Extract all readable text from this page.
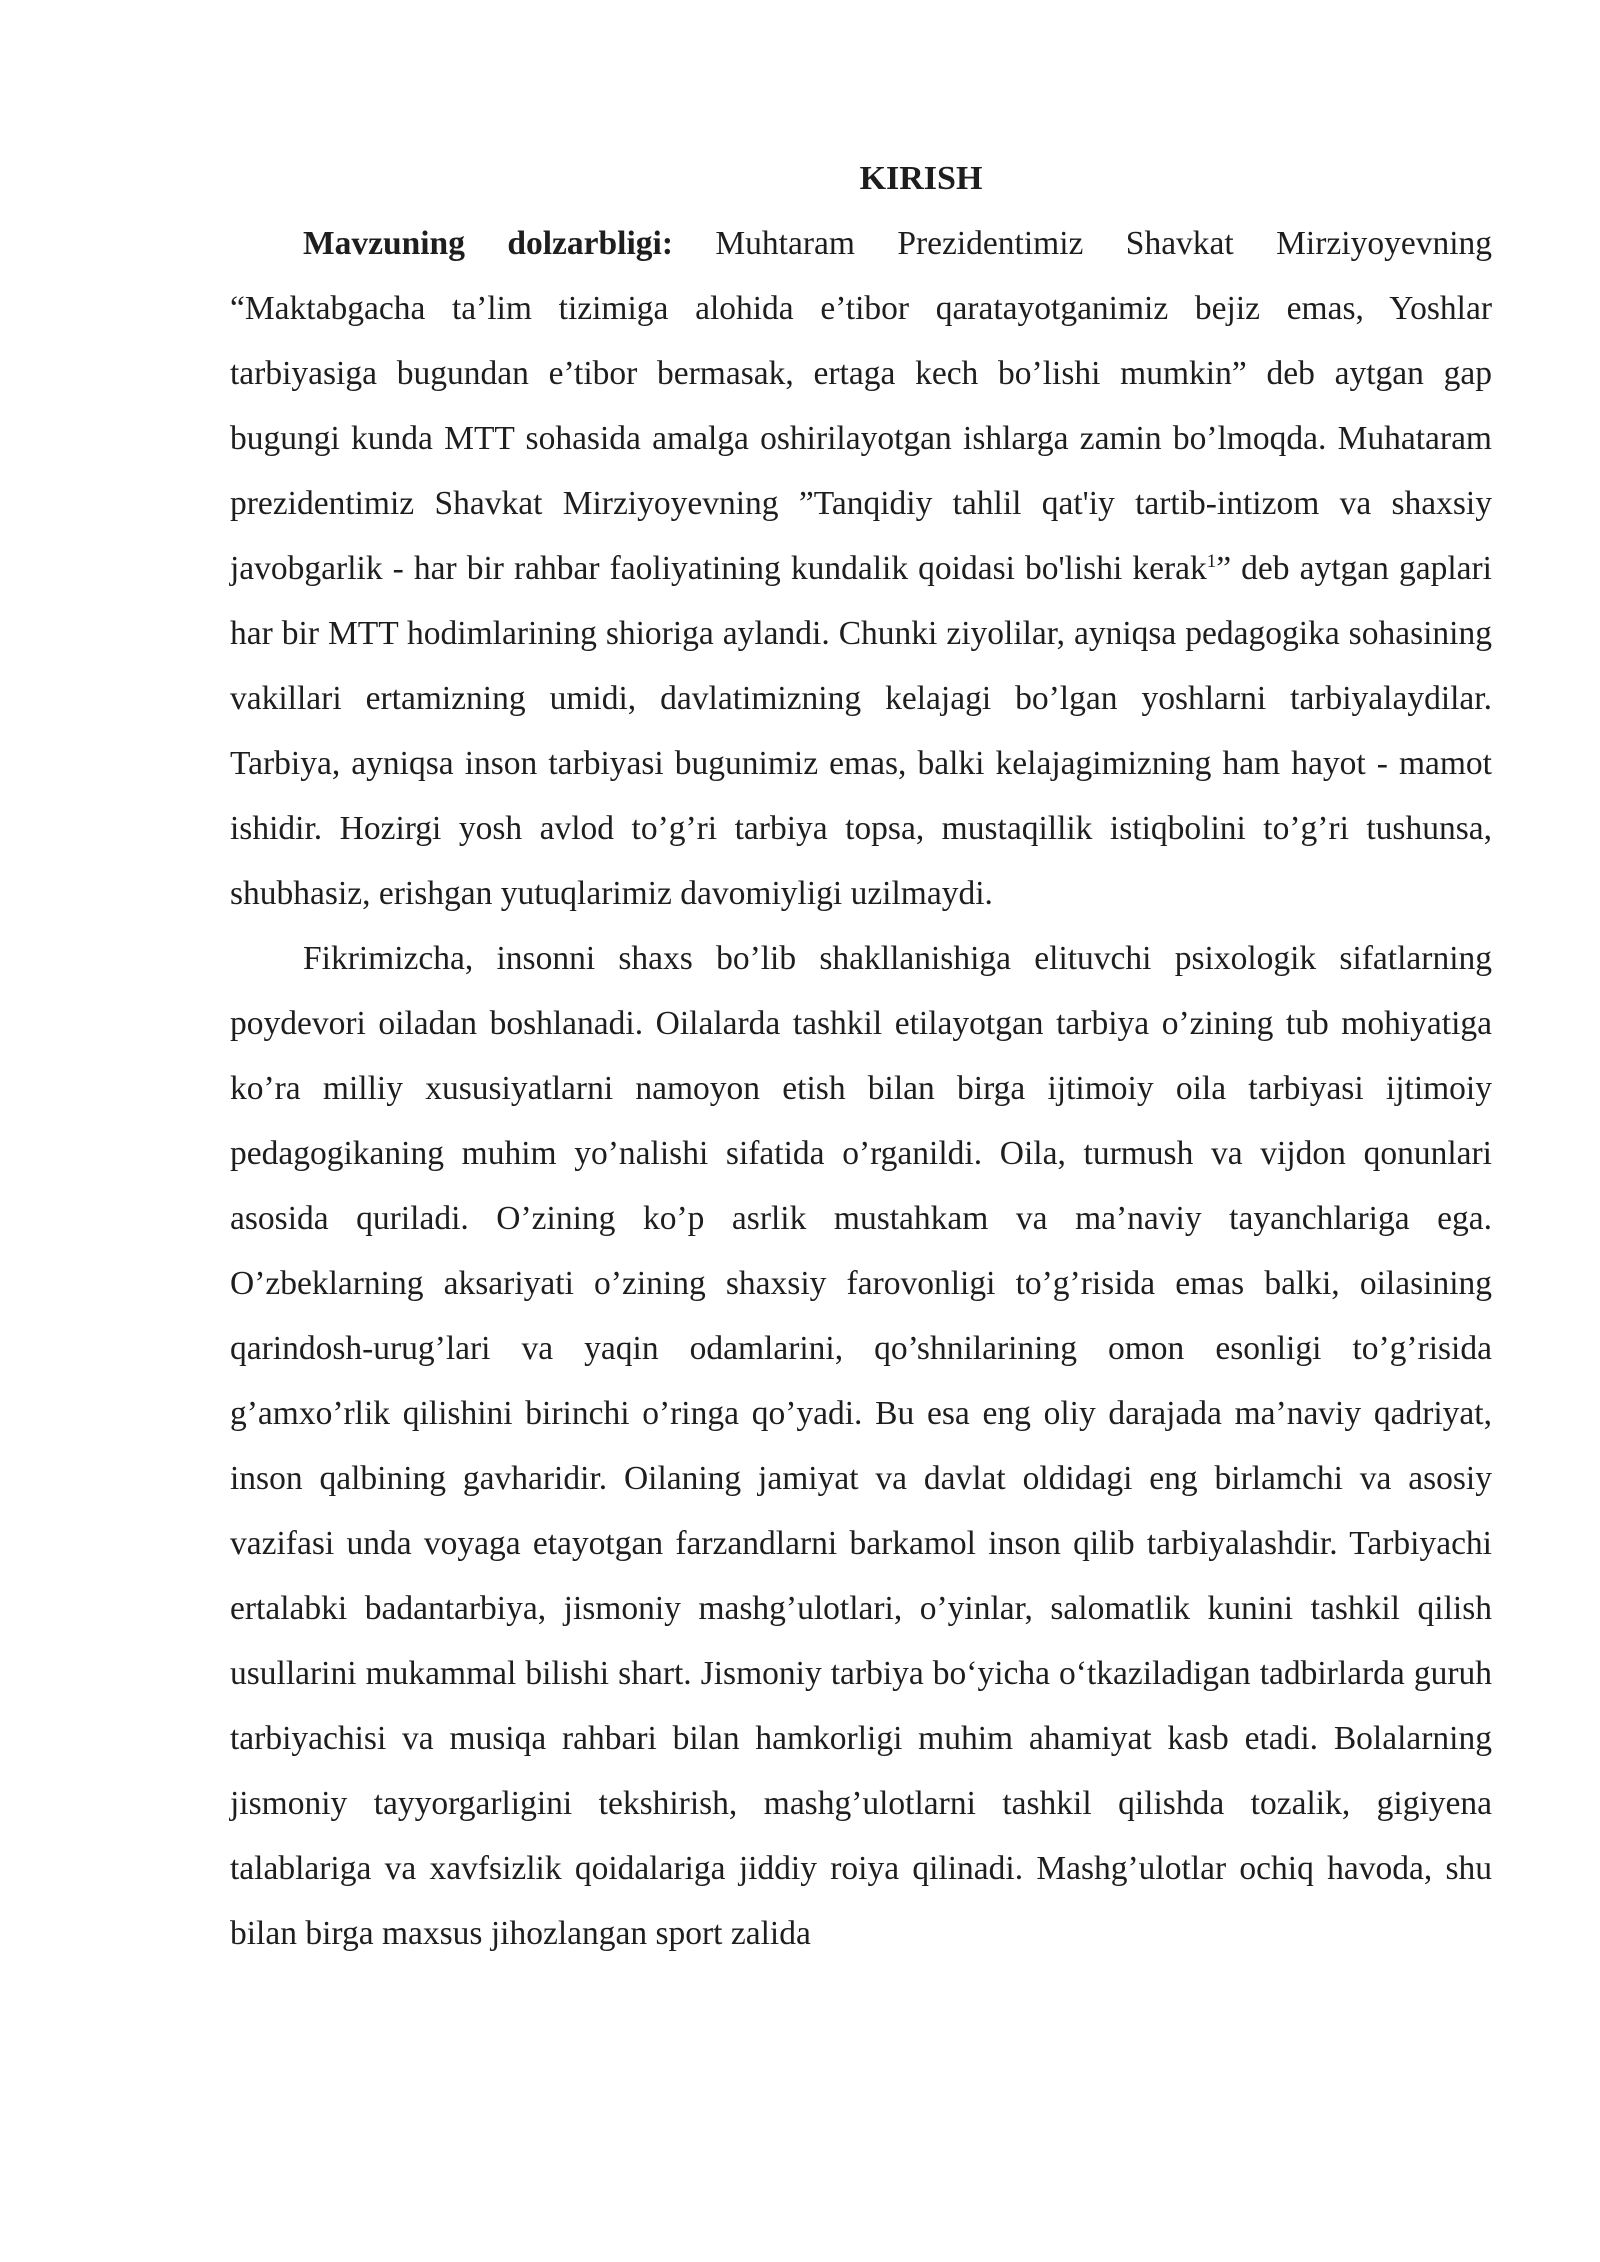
KIRISH

Mavzuning dolzarbligi: Muhtaram Prezidentimiz Shavkat Mirziyoyevning “Maktabgacha ta’lim tizimiga alohida e’tibor qaratayotganimiz bejiz emas, Yoshlar tarbiyasiga bugundan e’tibor bermasak, ertaga kech bo’lishi mumkin” deb aytgan gap bugungi kunda MTT sohasida amalga oshirilayotgan ishlarga zamin bo’lmoqda. Muhataram prezidentimiz Shavkat Mirziyoyevning ”Tanqidiy tahlil qat'iy tartib-intizom va shaxsiy javobgarlik - har bir rahbar faoliyatining kundalik qoidasi bo'lishi kerak$^1$” deb aytgan gaplari har bir MTT hodimlarining shioriga aylandi. Chunki ziyolilar, ayniqsa pedagogika sohasining vakillari ertamizning umidi, davlatimizning kelajagi bo’lgan yoshlarni tarbiyalaydilar. Tarbiya, ayniqsa inson tarbiyasi bugunimiz emas, balki kelajagimizning ham hayot - mamot ishidir. Hozirgi yosh avlod to’g’ri tarbiya topsa, mustaqillik istiqbolini to’g’ri tushunsa, shubhasiz, erishgan yutuqlarimiz davomiyligi uzilmaydi.

Fikrimizcha, insonni shaxs bo’lib shakllanishiga elituvchi psixologik sifatlarning poydevori oiladan boshlanadi. Oilalarda tashkil etilayotgan tarbiya o’zining tub mohiyatiga ko’ra milliy xususiyatlarni namoyon etish bilan birga ijtimoiy oila tarbiyasi ijtimoiy pedagogikaning muhim yo’nalishi sifatida o’rganildi. Oila, turmush va vijdon qonunlari asosida quriladi. O’zining ko’p asrlik mustahkam va ma’naviy tayanchlariga ega. O’zbeklarning aksariyati o’zining shaxsiy farovonligi to’g’risida emas balki, oilasining qarindosh-urug’lari va yaqin odamlarini, qo’shnilarining omon esonligi to’g’risida g’amxo’rlik qilishini birinchi o’ringa qo’yadi. Bu esa eng oliy darajada ma’naviy qadriyat, inson qalbining gavharidir. Oilaning jamiyat va davlat oldidagi eng birlamchi va asosiy vazifasi unda voyaga etayotgan farzandlarni barkamol inson qilib tarbiyalashdir. Tarbiyachi ertalabki badantarbiya, jismoniy mashg’ulotlari, o’yinlar, salomatlik kunini tashkil qilish usullarini mukammal bilishi shart. Jismoniy tarbiya bo‘yicha o‘tkaziladigan tadbirlarda guruh tarbiyachisi va musiqa rahbari bilan hamkorligi muhim ahamiyat kasb etadi. Bolalarning jismoniy tayyorgarligini tekshirish, mashg’ulotlarni tashkil qilishda tozalik, gigiyena talablariga va xavfsizlik qoidalariga jiddiy roiya qilinadi. Mashg’ulotlar ochiq havoda, shu bilan birga maxsus jihozlangan sport zalida
